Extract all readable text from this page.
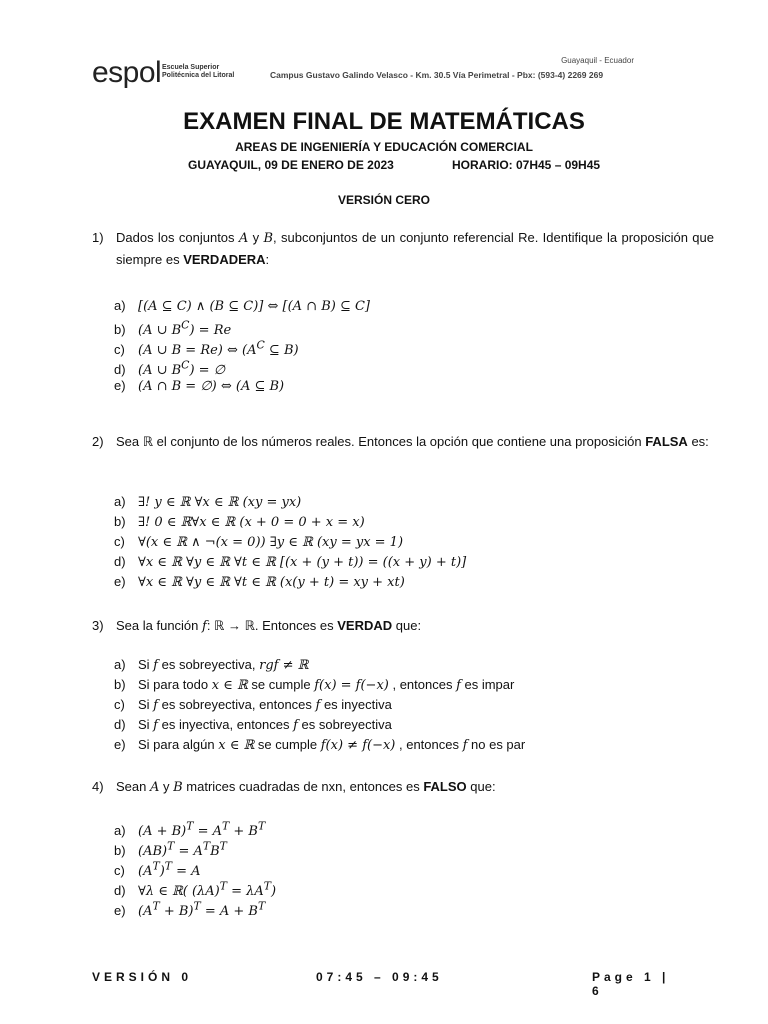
espol Escuela Superior Politécnica del Litoral
Guayaquil - Ecuador
Campus Gustavo Galindo Velasco - Km. 30.5 Vía Perimetral - Pbx: (593-4) 2269 269
EXAMEN FINAL DE MATEMÁTICAS
AREAS DE INGENIERÍA Y EDUCACIÓN COMERCIAL
GUAYAQUIL, 09 DE ENERO DE 2023	HORARIO: 07H45 – 09H45
VERSIÓN CERO
1) Dados los conjuntos A y B, subconjuntos de un conjunto referencial Re. Identifique la proposición que siempre es VERDADERA:
a) [(A ⊆ C) ∧ (B ⊆ C)] ⇔ [(A ∩ B) ⊆ C]
b) (A ∪ $B^C) = Re$
c) (A ∪ B = Re) ⇔ ($A^C$ ⊆ B)
d) (A ∪ $B^C$) = ∅
e) (A ∩ B = ∅) ⇔ (A ⊆ B)
2) Sea ℝ el conjunto de los números reales. Entonces la opción que contiene una proposición FALSA es:
a) ∃! y ∈ ℝ ∀x ∈ ℝ (xy = yx)
b) ∃! 0 ∈ ℝ∀x ∈ ℝ (x + 0 = 0 + x = x)
c) ∀(x ∈ ℝ ∧ ¬(x = 0)) ∃y ∈ ℝ (xy = yx = 1)
d) ∀x ∈ ℝ ∀y ∈ ℝ ∀t ∈ ℝ [(x + (y + t)) = ((x + y) + t)]
e) ∀x ∈ ℝ ∀y ∈ ℝ ∀t ∈ ℝ (x(y + t) = xy + xt)
3) Sea la función f: ℝ → ℝ. Entonces es VERDAD que:
a) Si f es sobreyectiva, rgf ≠ ℝ
b) Si para todo x ∈ ℝ se cumple f(x) = f(−x) , entonces f es impar
c) Si f es sobreyectiva, entonces f es inyectiva
d) Si f es inyectiva, entonces f es sobreyectiva
e) Si para algún x ∈ ℝ se cumple f(x) ≠ f(−x) , entonces f no es par
4) Sean A y B matrices cuadradas de nxn, entonces es FALSO que:
a) $(A + B)^T = A^T + B^T$
b) $(AB)^T = A^TB^T$
c) $(A^T)^T = A$
d) ∀λ ∈ ℝ( $(\lambda A)^T = \lambda A^T$)
e) $(A^T + B)^T = A + B^T$
VERSIÓN 0	07:45 – 09:45	Page 1 | 6
